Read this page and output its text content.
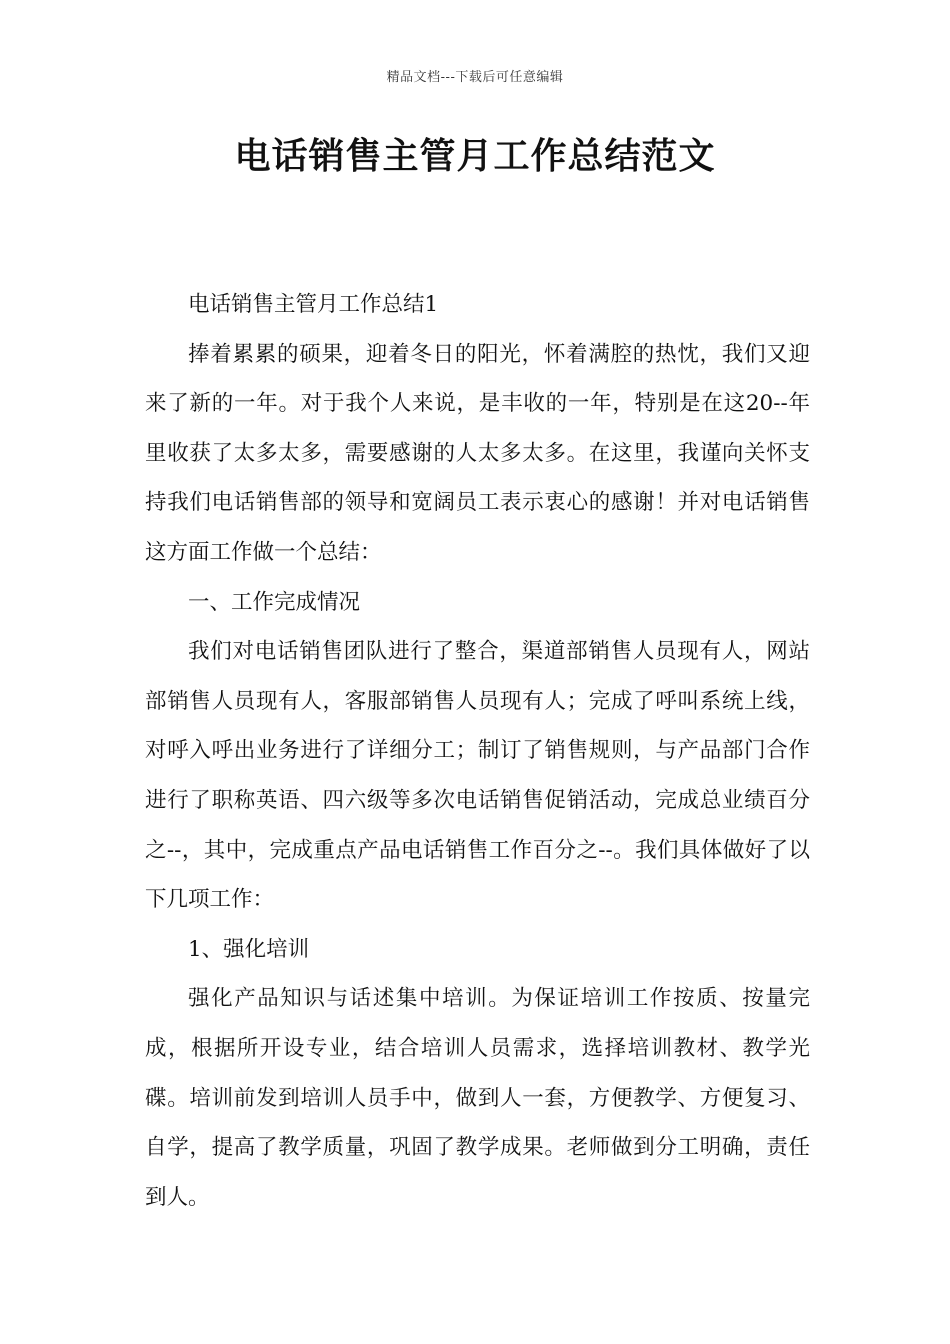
精品文档---下载后可任意编辑
电话销售主管月工作总结范文

电话销售主管月工作总结1

捧着累累的硕果，迎着冬日的阳光，怀着满腔的热忱，我们又迎来了新的一年。对于我个人来说，是丰收的一年，特别是在这20--年里收获了太多太多，需要感谢的人太多太多。在这里，我谨向关怀支持我们电话销售部的领导和宽阔员工表示衷心的感谢！并对电话销售这方面工作做一个总结：

一、工作完成情况

我们对电话销售团队进行了整合，渠道部销售人员现有人，网站部销售人员现有人，客服部销售人员现有人；完成了呼叫系统上线，对呼入呼出业务进行了详细分工；制订了销售规则，与产品部门合作进行了职称英语、四六级等多次电话销售促销活动，完成总业绩百分之--，其中，完成重点产品电话销售工作百分之--。我们具体做好了以下几项工作：

1、强化培训

强化产品知识与话述集中培训。为保证培训工作按质、按量完成，根据所开设专业，结合培训人员需求，选择培训教材、教学光碟。培训前发到培训人员手中，做到人一套，方便教学、方便复习、自学，提高了教学质量，巩固了教学成果。老师做到分工明确，责任到人。
